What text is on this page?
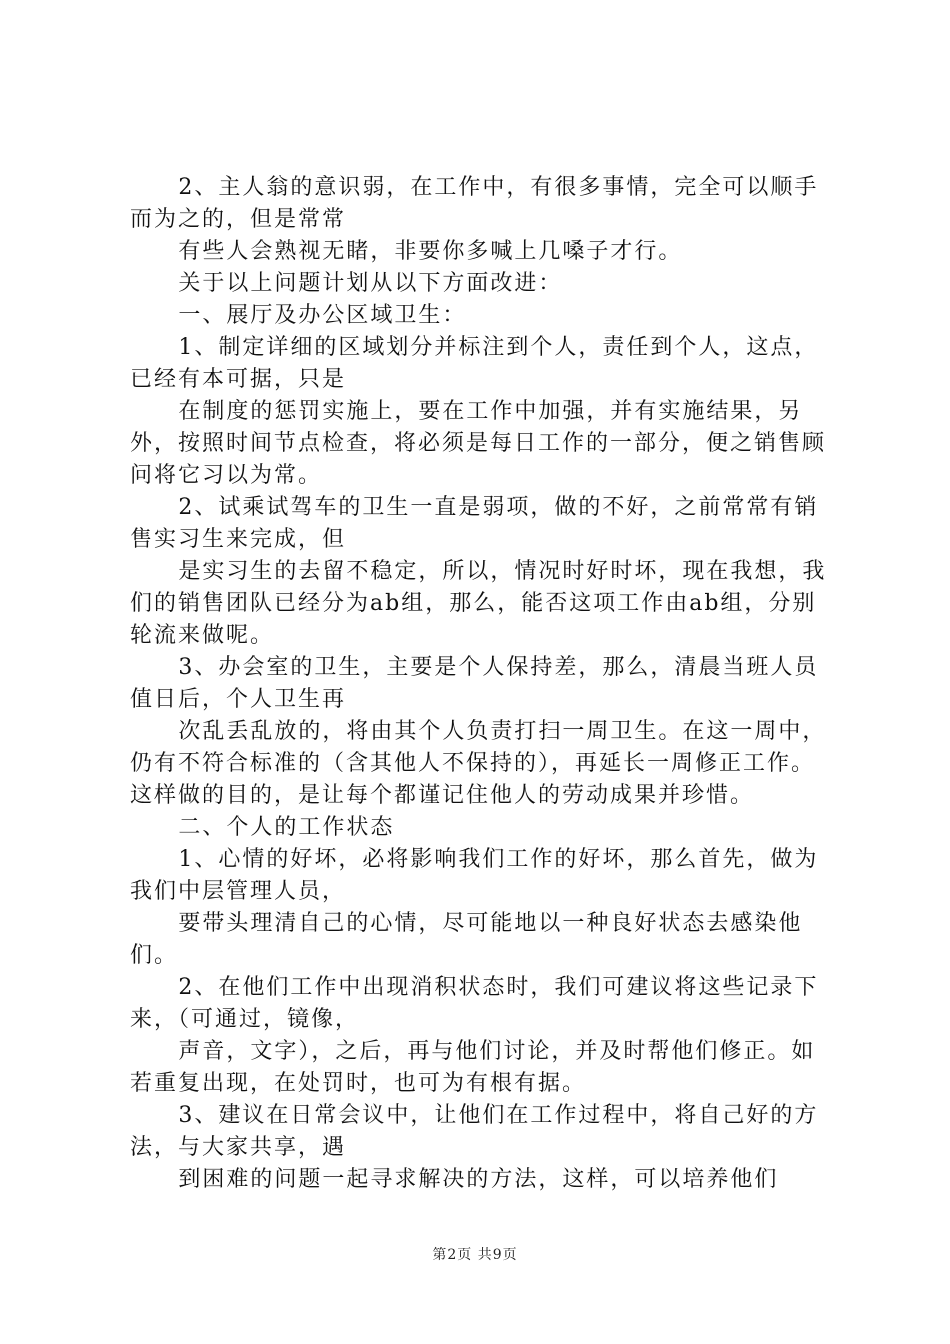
2、主人翁的意识弱，在工作中，有很多事情，完全可以顺手而为之的，但是常常

有些人会熟视无睹，非要你多喊上几嗓子才行。

关于以上问题计划从以下方面改进：

一、展厅及办公区域卫生：

1、制定详细的区域划分并标注到个人，责任到个人，这点，已经有本可据，只是

在制度的惩罚实施上，要在工作中加强，并有实施结果，另外，按照时间节点检查，将必须是每日工作的一部分，便之销售顾问将它习以为常。

2、试乘试驾车的卫生一直是弱项，做的不好，之前常常有销售实习生来完成，但

是实习生的去留不稳定，所以，情况时好时坏，现在我想，我们的销售团队已经分为ab组，那么，能否这项工作由ab组，分别轮流来做呢。

3、办会室的卫生，主要是个人保持差，那么，清晨当班人员值日后，个人卫生再

次乱丢乱放的，将由其个人负责打扫一周卫生。在这一周中，仍有不符合标准的（含其他人不保持的），再延长一周修正工作。这样做的目的，是让每个都谨记住他人的劳动成果并珍惜。

二、个人的工作状态

1、心情的好坏，必将影响我们工作的好坏，那么首先，做为我们中层管理人员，

要带头理清自己的心情，尽可能地以一种良好状态去感染他们。

2、在他们工作中出现消积状态时，我们可建议将这些记录下来，（可通过，镜像，

声音，文字），之后，再与他们讨论，并及时帮他们修正。如若重复出现，在处罚时，也可为有根有据。

3、建议在日常会议中，让他们在工作过程中，将自己好的方法，与大家共享，遇

到困难的问题一起寻求解决的方法，这样，可以培养他们

第2页 共9页
